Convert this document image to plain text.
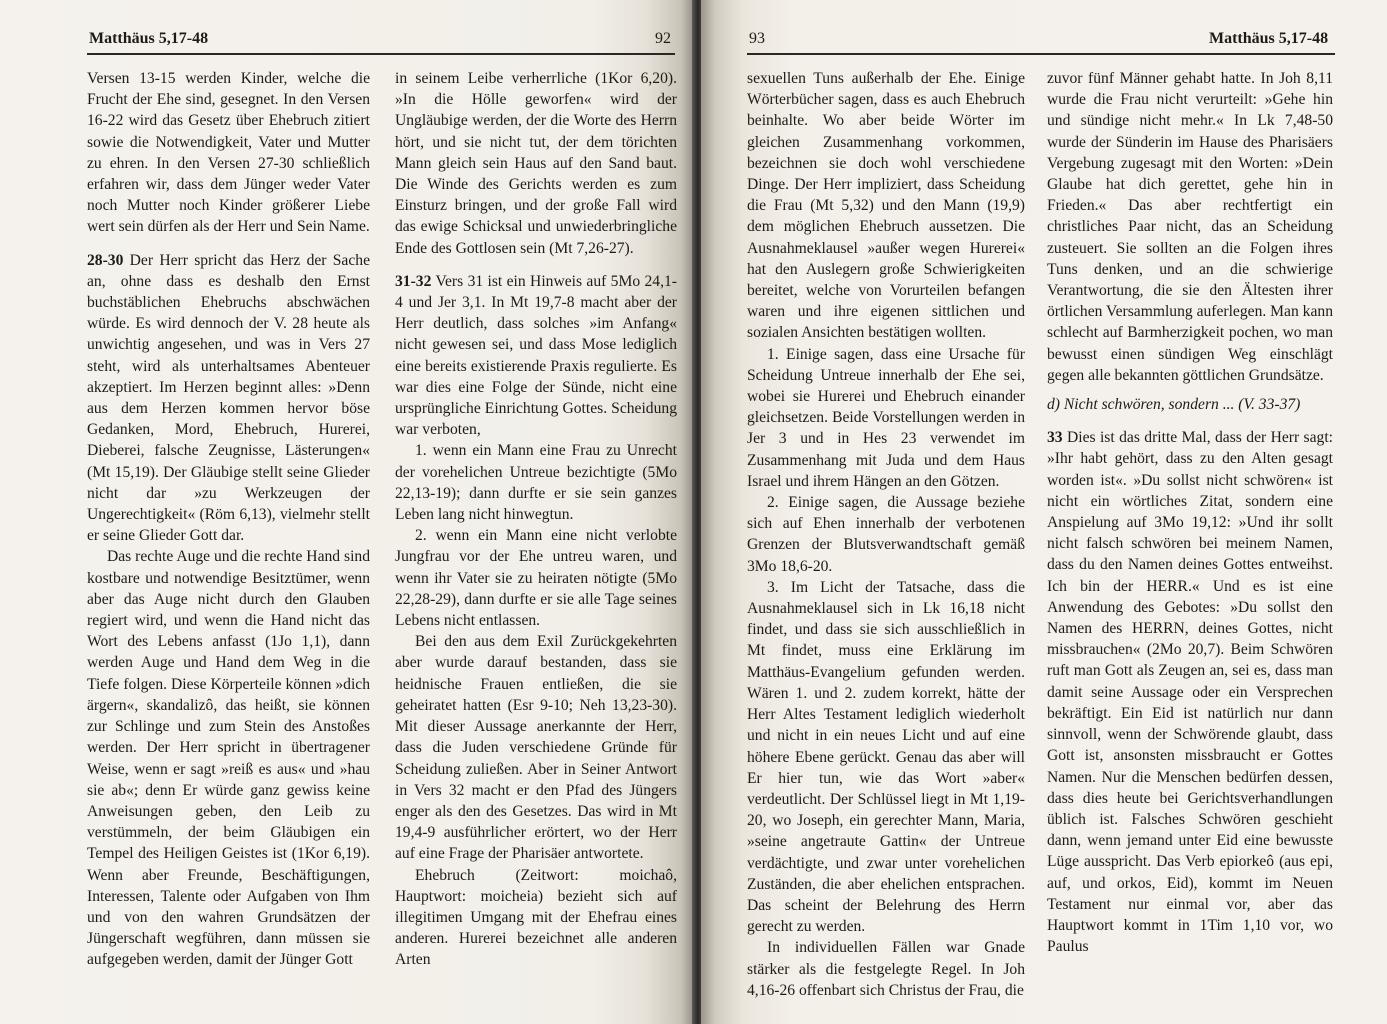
Matthäus 5,17-48	92

Versen 13-15 werden Kinder, welche die Frucht der Ehe sind, gesegnet. In den Versen 16-22 wird das Gesetz über Ehebruch zitiert sowie die Notwendigkeit, Vater und Mutter zu ehren. In den Versen 27-30 schließlich erfahren wir, dass dem Jünger weder Vater noch Mutter noch Kinder größerer Liebe wert sein dürfen als der Herr und Sein Name.

28-30 Der Herr spricht das Herz der Sache an, ohne dass es deshalb den Ernst buchstäblichen Ehebruchs abschwächen würde. Es wird dennoch der V. 28 heute als unwichtig angesehen, und was in Vers 27 steht, wird als unterhaltsames Abenteuer akzeptiert. Im Herzen beginnt alles: »Denn aus dem Herzen kommen hervor böse Gedanken, Mord, Ehebruch, Hurerei, Dieberei, falsche Zeugnisse, Lästerungen« (Mt 15,19). Der Gläubige stellt seine Glieder nicht dar »zu Werkzeugen der Ungerechtigkeit« (Röm 6,13), vielmehr stellt er seine Glieder Gott dar.

Das rechte Auge und die rechte Hand sind kostbare und notwendige Besitztümer, wenn aber das Auge nicht durch den Glauben regiert wird, und wenn die Hand nicht das Wort des Lebens anfasst (1Jo 1,1), dann werden Auge und Hand dem Weg in die Tiefe folgen. Diese Körperteile können »dich ärgern«, skandalizô, das heißt, sie können zur Schlinge und zum Stein des Anstoßes werden. Der Herr spricht in übertragener Weise, wenn er sagt »reiß es aus« und »hau sie ab«; denn Er würde ganz gewiss keine Anweisungen geben, den Leib zu verstümmeln, der beim Gläubigen ein Tempel des Heiligen Geistes ist (1Kor 6,19). Wenn aber Freunde, Beschäftigungen, Interessen, Talente oder Aufgaben von Ihm und von den wahren Grundsätzen der Jüngerschaft wegführen, dann müssen sie aufgegeben werden, damit der Jünger Gott

in seinem Leibe verherrliche (1Kor 6,20). »In die Hölle geworfen« wird der Ungläubige werden, der die Worte des Herrn hört, und sie nicht tut, der dem törichten Mann gleich sein Haus auf den Sand baut. Die Winde des Gerichts werden es zum Einsturz bringen, und der große Fall wird das ewige Schicksal und unwiederbringliche Ende des Gottlosen sein (Mt 7,26-27).

31-32 Vers 31 ist ein Hinweis auf 5Mo 24,1-4 und Jer 3,1. In Mt 19,7-8 macht aber der Herr deutlich, dass solches »im Anfang« nicht gewesen sei, und dass Mose lediglich eine bereits existierende Praxis regulierte. Es war dies eine Folge der Sünde, nicht eine ursprüngliche Einrichtung Gottes. Scheidung war verboten,

1. wenn ein Mann eine Frau zu Unrecht der vorehelichen Untreue bezichtigte (5Mo 22,13-19); dann durfte er sie sein ganzes Leben lang nicht hinwegtun.

2. wenn ein Mann eine nicht verlobte Jungfrau vor der Ehe untreu waren, und wenn ihr Vater sie zu heiraten nötigte (5Mo 22,28-29), dann durfte er sie alle Tage seines Lebens nicht entlassen.

Bei den aus dem Exil Zurückgekehrten aber wurde darauf bestanden, dass sie heidnische Frauen entließen, die sie geheiratet hatten (Esr 9-10; Neh 13,23-30). Mit dieser Aussage anerkannte der Herr, dass die Juden verschiedene Gründe für Scheidung zuließen. Aber in Seiner Antwort in Vers 32 macht er den Pfad des Jüngers enger als den des Gesetzes. Das wird in Mt 19,4-9 ausführlicher erörtert, wo der Herr auf eine Frage der Pharisäer antwortete.

Ehebruch (Zeitwort: moichaô, Hauptwort: moicheia) bezieht sich auf illegitimen Umgang mit der Ehefrau eines anderen. Hurerei bezeichnet alle anderen Arten

93	Matthäus 5,17-48

sexuellen Tuns außerhalb der Ehe. Einige Wörterbücher sagen, dass es auch Ehebruch beinhalte. Wo aber beide Wörter im gleichen Zusammenhang vorkommen, bezeichnen sie doch wohl verschiedene Dinge. Der Herr impliziert, dass Scheidung die Frau (Mt 5,32) und den Mann (19,9) dem möglichen Ehebruch aussetzen. Die Ausnahmeklausel »außer wegen Hurerei« hat den Auslegern große Schwierigkeiten bereitet, welche von Vorurteilen befangen waren und ihre eigenen sittlichen und sozialen Ansichten bestätigen wollten.

1. Einige sagen, dass eine Ursache für Scheidung Untreue innerhalb der Ehe sei, wobei sie Hurerei und Ehebruch einander gleichsetzen. Beide Vorstellungen werden in Jer 3 und in Hes 23 verwendet im Zusammenhang mit Juda und dem Haus Israel und ihrem Hängen an den Götzen.

2. Einige sagen, die Aussage beziehe sich auf Ehen innerhalb der verbotenen Grenzen der Blutsverwandtschaft gemäß 3Mo 18,6-20.

3. Im Licht der Tatsache, dass die Ausnahmeklausel sich in Lk 16,18 nicht findet, und dass sie sich ausschließlich in Mt findet, muss eine Erklärung im Matthäus-Evangelium gefunden werden. Wären 1. und 2. zudem korrekt, hätte der Herr Altes Testament lediglich wiederholt und nicht in ein neues Licht und auf eine höhere Ebene gerückt. Genau das aber will Er hier tun, wie das Wort »aber« verdeutlicht. Der Schlüssel liegt in Mt 1,19-20, wo Joseph, ein gerechter Mann, Maria, »seine angetraute Gattin« der Untreue verdächtigte, und zwar unter vorehelichen Zuständen, die aber ehelichen entsprachen. Das scheint der Belehrung des Herrn gerecht zu werden.

In individuellen Fällen war Gnade stärker als die festgelegte Regel. In Joh 4,16-26 offenbart sich Christus der Frau, die

zuvor fünf Männer gehabt hatte. In Joh 8,11 wurde die Frau nicht verurteilt: »Gehe hin und sündige nicht mehr.« In Lk 7,48-50 wurde der Sünderin im Hause des Pharisäers Vergebung zugesagt mit den Worten: »Dein Glaube hat dich gerettet, gehe hin in Frieden.« Das aber rechtfertigt ein christliches Paar nicht, das an Scheidung zusteuert. Sie sollten an die Folgen ihres Tuns denken, und an die schwierige Verantwortung, die sie den Ältesten ihrer örtlichen Versammlung auferlegen. Man kann schlecht auf Barmherzigkeit pochen, wo man bewusst einen sündigen Weg einschlägt gegen alle bekannten göttlichen Grundsätze.

d) Nicht schwören, sondern ... (V. 33-37)

33 Dies ist das dritte Mal, dass der Herr sagt: »Ihr habt gehört, dass zu den Alten gesagt worden ist«. »Du sollst nicht schwören« ist nicht ein wörtliches Zitat, sondern eine Anspielung auf 3Mo 19,12: »Und ihr sollt nicht falsch schwören bei meinem Namen, dass du den Namen deines Gottes entweihst. Ich bin der HERR.« Und es ist eine Anwendung des Gebotes: »Du sollst den Namen des HERRN, deines Gottes, nicht missbrauchen« (2Mo 20,7). Beim Schwören ruft man Gott als Zeugen an, sei es, dass man damit seine Aussage oder ein Versprechen bekräftigt. Ein Eid ist natürlich nur dann sinnvoll, wenn der Schwörende glaubt, dass Gott ist, ansonsten missbraucht er Gottes Namen. Nur die Menschen bedürfen dessen, dass dies heute bei Gerichtsverhandlungen üblich ist. Falsches Schwören geschieht dann, wenn jemand unter Eid eine bewusste Lüge ausspricht. Das Verb epiorkeô (aus epi, auf, und orkos, Eid), kommt im Neuen Testament nur einmal vor, aber das Hauptwort kommt in 1Tim 1,10 vor, wo Paulus
